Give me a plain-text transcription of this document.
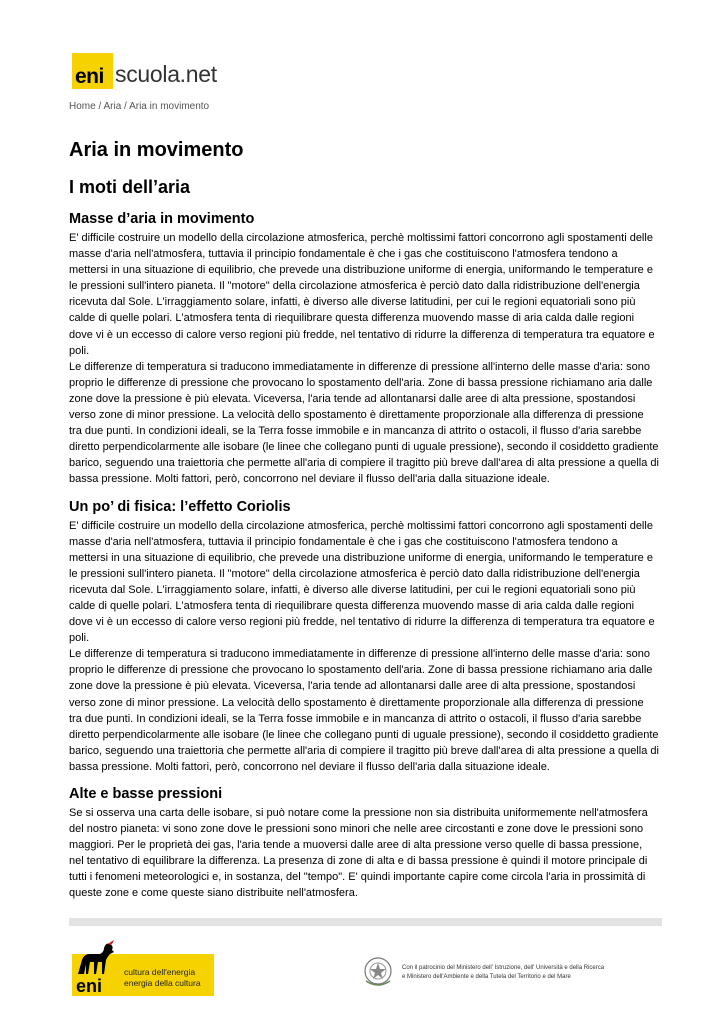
eni scuola.net
Home / Aria / Aria in movimento
Aria in movimento
I moti dell’aria
Masse d’aria in movimento

E' difficile costruire un modello della circolazione atmosferica, perchè moltissimi fattori concorrono agli spostamenti delle masse d'aria nell'atmosfera, tuttavia il principio fondamentale è che i gas che costituiscono l'atmosfera tendono a mettersi in una situazione di equilibrio, che prevede una distribuzione uniforme di energia, uniformando le temperature e le pressioni sull'intero pianeta. Il "motore" della circolazione atmosferica è perciò dato dalla ridistribuzione dell'energia ricevuta dal Sole. L'irraggiamento solare, infatti, è diverso alle diverse latitudini, per cui le regioni equatoriali sono più calde di quelle polari. L'atmosfera tenta di riequilibrare questa differenza muovendo masse di aria calda dalle regioni dove vi è un eccesso di calore verso regioni più fredde, nel tentativo di ridurre la differenza di temperatura tra equatore e poli.

Le differenze di temperatura si traducono immediatamente in differenze di pressione all'interno delle masse d'aria: sono proprio le differenze di pressione che provocano lo spostamento dell'aria. Zone di bassa pressione richiamano aria dalle zone dove la pressione è più elevata. Viceversa, l'aria tende ad allontanarsi dalle aree di alta pressione, spostandosi verso zone di minor pressione. La velocità dello spostamento è direttamente proporzionale alla differenza di pressione tra due punti. In condizioni ideali, se la Terra fosse immobile e in mancanza di attrito o ostacoli, il flusso d'aria sarebbe diretto perpendicolarmente alle isobare (le linee che collegano punti di uguale pressione), secondo il cosiddetto gradiente barico, seguendo una traiettoria che permette all'aria di compiere il tragitto più breve dall'area di alta pressione a quella di bassa pressione. Molti fattori, però, concorrono nel deviare il flusso dell'aria dalla situazione ideale.

Un po’ di fisica: l’effetto Coriolis

E' difficile costruire un modello della circolazione atmosferica, perchè moltissimi fattori concorrono agli spostamenti delle masse d'aria nell'atmosfera, tuttavia il principio fondamentale è che i gas che costituiscono l'atmosfera tendono a mettersi in una situazione di equilibrio, che prevede una distribuzione uniforme di energia, uniformando le temperature e le pressioni sull'intero pianeta. Il "motore" della circolazione atmosferica è perciò dato dalla ridistribuzione dell'energia ricevuta dal Sole. L'irraggiamento solare, infatti, è diverso alle diverse latitudini, per cui le regioni equatoriali sono più calde di quelle polari. L'atmosfera tenta di riequilibrare questa differenza muovendo masse di aria calda dalle regioni dove vi è un eccesso di calore verso regioni più fredde, nel tentativo di ridurre la differenza di temperatura tra equatore e poli.

Le differenze di temperatura si traducono immediatamente in differenze di pressione all'interno delle masse d'aria: sono proprio le differenze di pressione che provocano lo spostamento dell'aria. Zone di bassa pressione richiamano aria dalle zone dove la pressione è più elevata. Viceversa, l'aria tende ad allontanarsi dalle aree di alta pressione, spostandosi verso zone di minor pressione. La velocità dello spostamento è direttamente proporzionale alla differenza di pressione tra due punti. In condizioni ideali, se la Terra fosse immobile e in mancanza di attrito o ostacoli, il flusso d'aria sarebbe diretto perpendicolarmente alle isobare (le linee che collegano punti di uguale pressione), secondo il cosiddetto gradiente barico, seguendo una traiettoria che permette all'aria di compiere il tragitto più breve dall'area di alta pressione a quella di bassa pressione. Molti fattori, però, concorrono nel deviare il flusso dell'aria dalla situazione ideale.

Alte e basse pressioni

Se si osserva una carta delle isobare, si può notare come la pressione non sia distribuita uniformemente nell'atmosfera del nostro pianeta: vi sono zone dove le pressioni sono minori che nelle aree circostanti e zone dove le pressioni sono maggiori. Per le proprietà dei gas, l'aria tende a muoversi dalle aree di alta pressione verso quelle di bassa pressione, nel tentativo di equilibrare la differenza. La presenza di zone di alta e di bassa pressione è quindi il motore principale di tutti i fenomeni meteorologici e, in sostanza, del "tempo". E' quindi importante capire come circola l'aria in prossimità di queste zone e come queste siano distribuite nell'atmosfera.

eni
cultura dell'energia
energia della cultura
Con il patrocinio del Ministero dell' Istruzione, dell' Università e della Ricerca
e Ministero dell'Ambiente e della Tutela del Territorio e del Mare
